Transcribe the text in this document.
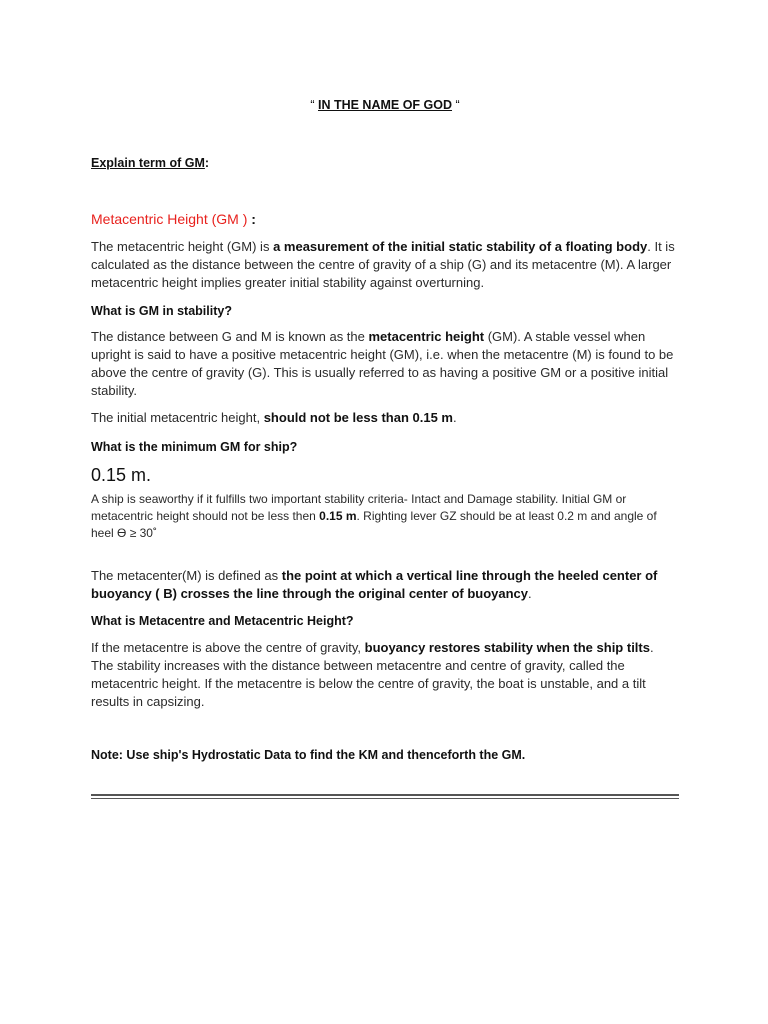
“ IN THE NAME OF GOD “
Explain term of GM:
Metacentric Height (GM ) :
The metacentric height (GM) is a measurement of the initial static stability of a floating body. It is calculated as the distance between the centre of gravity of a ship (G) and its metacentre (M). A larger metacentric height implies greater initial stability against overturning.
What is GM in stability?
The distance between G and M is known as the metacentric height (GM). A stable vessel when upright is said to have a positive metacentric height (GM), i.e. when the metacentre (M) is found to be above the centre of gravity (G). This is usually referred to as having a positive GM or a positive initial stability.
The initial metacentric height, should not be less than 0.15 m.
What is the minimum GM for ship?
0.15 m.
A ship is seaworthy if it fulfills two important stability criteria- Intact and Damage stability. Initial GM or metacentric height should not be less then 0.15 m. Righting lever GZ should be at least 0.2 m and angle of heel ϴ ≥ 30˚
The metacenter(M) is defined as the point at which a vertical line through the heeled center of buoyancy ( B) crosses the line through the original center of buoyancy.
What is Metacentre and Metacentric Height?
If the metacentre is above the centre of gravity, buoyancy restores stability when the ship tilts. The stability increases with the distance between metacentre and centre of gravity, called the metacentric height. If the metacentre is below the centre of gravity, the boat is unstable, and a tilt results in capsizing.
Note: Use ship's Hydrostatic Data to find the KM and thenceforth the GM.
